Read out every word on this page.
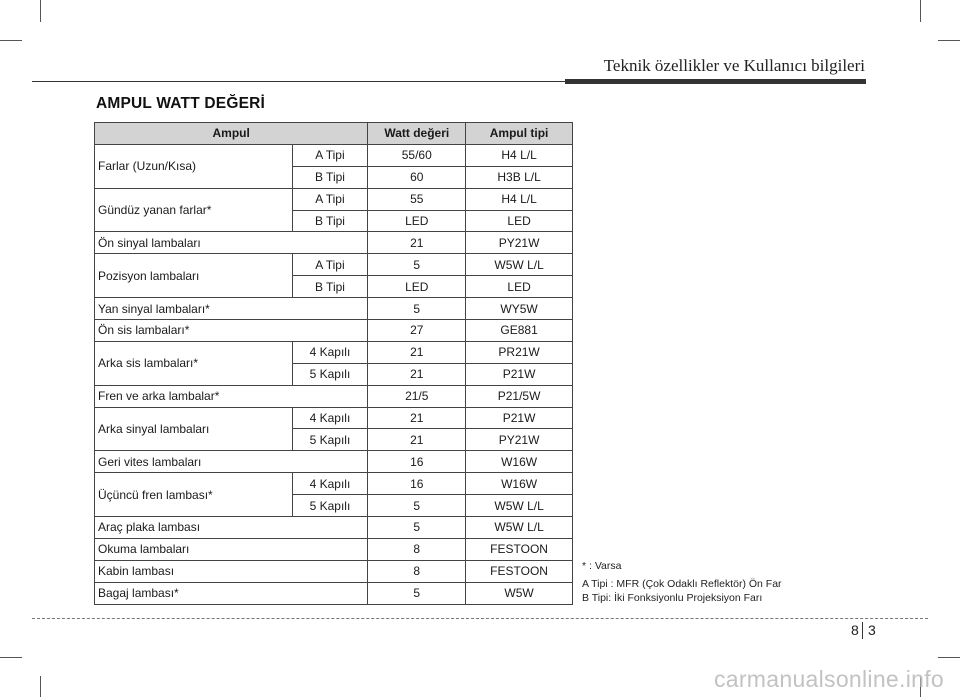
Teknik özellikler ve Kullanıcı bilgileri
AMPUL WATT DEĞERİ
Ampul		Watt değeri	Ampul tipi
Farlar (Uzun/Kısa)	A Tipi	55/60	H4 L/L
	B Tipi	60	H3B L/L
Gündüz yanan farlar*	A Tipi	55	H4 L/L
	B Tipi	LED	LED
Ön sinyal lambaları		21	PY21W
Pozisyon lambaları	A Tipi	5	W5W L/L
	B Tipi	LED	LED
Yan sinyal lambaları*		5	WY5W
Ön sis lambaları*		27	GE881
Arka sis lambaları*	4 Kapılı	21	PR21W
	5 Kapılı	21	P21W
Fren ve arka lambalar*		21/5	P21/5W
Arka sinyal lambaları	4 Kapılı	21	P21W
	5 Kapılı	21	PY21W
Geri vites lambaları		16	W16W
Üçüncü fren lambası*	4 Kapılı	16	W16W
	5 Kapılı	5	W5W L/L
Araç plaka lambası		5	W5W L/L
Okuma lambaları		8	FESTOON
Kabin lambası		8	FESTOON
Bagaj lambası*		5	W5W
* : Varsa
A Tipi : MFR (Çok Odaklı Reflektör) Ön Far
B Tipi: İki Fonksiyonlu Projeksiyon Farı
8 3
carmanualsonline.info
